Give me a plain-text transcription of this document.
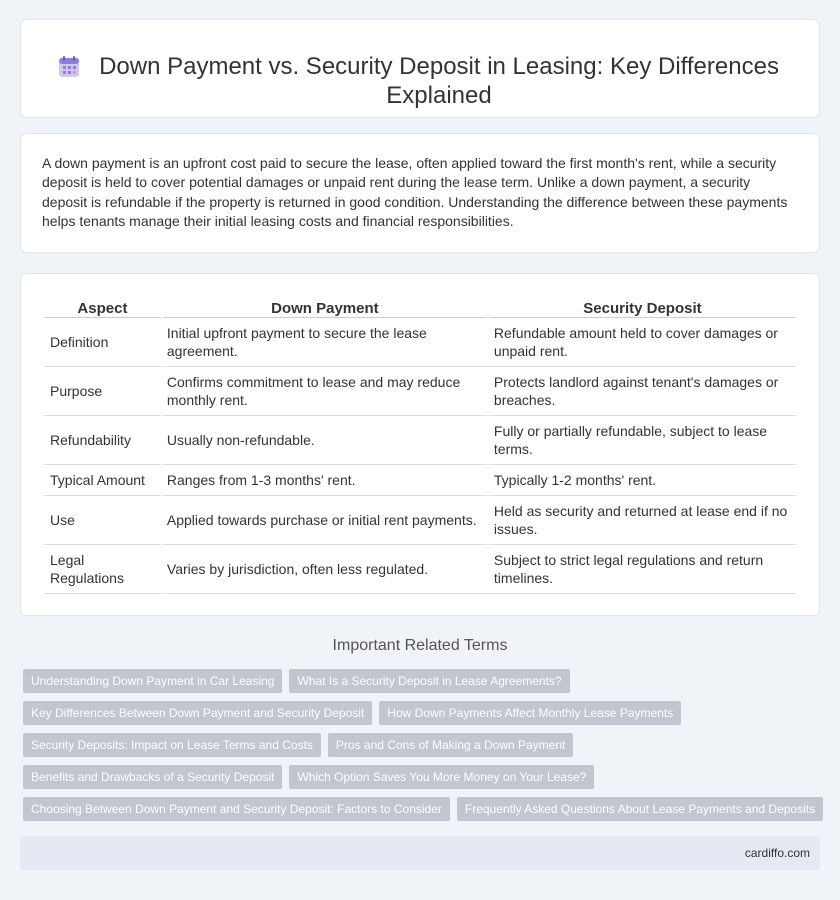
Down Payment vs. Security Deposit in Leasing: Key Differences Explained

A down payment is an upfront cost paid to secure the lease, often applied toward the first month's rent, while a security deposit is held to cover potential damages or unpaid rent during the lease term. Unlike a down payment, a security deposit is refundable if the property is returned in good condition. Understanding the difference between these payments helps tenants manage their initial leasing costs and financial responsibilities.

Aspect	Down Payment	Security Deposit
Definition	Initial upfront payment to secure the lease agreement.	Refundable amount held to cover damages or unpaid rent.
Purpose	Confirms commitment to lease and may reduce monthly rent.	Protects landlord against tenant's damages or breaches.
Refundability	Usually non-refundable.	Fully or partially refundable, subject to lease terms.
Typical Amount	Ranges from 1-3 months' rent.	Typically 1-2 months' rent.
Use	Applied towards purchase or initial rent payments.	Held as security and returned at lease end if no issues.
Legal Regulations	Varies by jurisdiction, often less regulated.	Subject to strict legal regulations and return timelines.
Important Related Terms
Understanding Down Payment in Car Leasing	What Is a Security Deposit in Lease Agreements?
Key Differences Between Down Payment and Security Deposit	How Down Payments Affect Monthly Lease Payments
Security Deposits: Impact on Lease Terms and Costs	Pros and Cons of Making a Down Payment
Benefits and Drawbacks of a Security Deposit	Which Option Saves You More Money on Your Lease?
Choosing Between Down Payment and Security Deposit: Factors to Consider	Frequently Asked Questions About Lease Payments and Deposits
cardiffo.com
